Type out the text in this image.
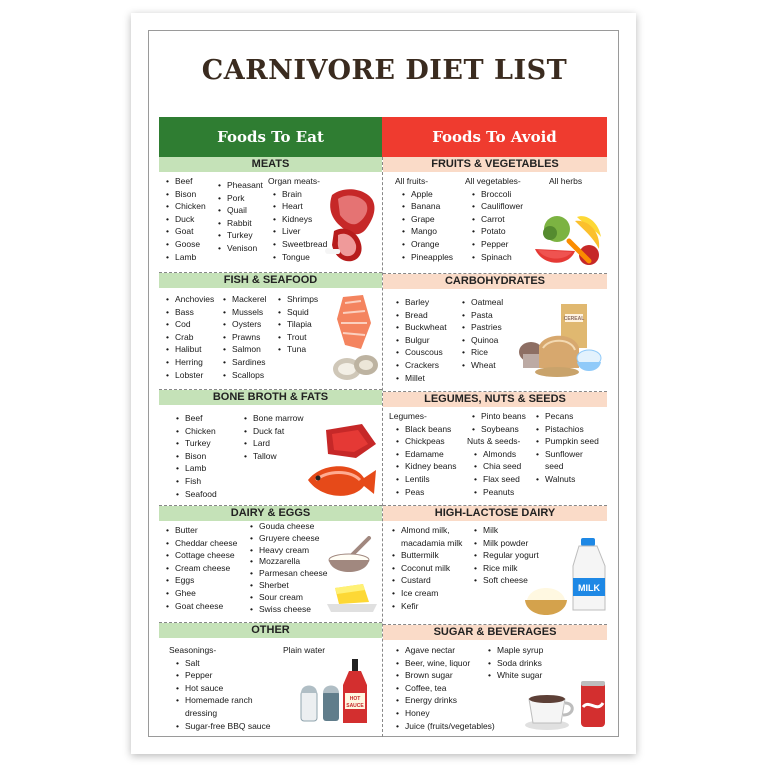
CARNIVORE DIET LIST
Foods To Eat	Foods To Avoid
MEATS
• Beef
• Bison
• Chicken
• Duck
• Goat
• Goose
• Lamb
• Pheasant
• Pork
• Quail
• Rabbit
• Turkey
• Venison
Organ meats-
• Brain
• Heart
• Kidneys
• Liver
• Sweetbread
• Tongue
FISH & SEAFOOD
• Anchovies
• Bass
• Cod
• Crab
• Halibut
• Herring
• Lobster
• Mackerel
• Mussels
• Oysters
• Prawns
• Salmon
• Sardines
• Scallops
• Shrimps
• Squid
• Tilapia
• Trout
• Tuna
BONE BROTH & FATS
• Beef
• Chicken
• Turkey
• Bison
• Lamb
• Fish
• Seafood
• Bone marrow
• Duck fat
• Lard
• Tallow
DAIRY & EGGS
• Butter
• Cheddar cheese
• Cottage cheese
• Cream cheese
• Eggs
• Ghee
• Goat cheese
• Gouda cheese
• Gruyere cheese
• Heavy cream
• Mozzarella
• Parmesan cheese
• Sherbet
• Sour cream
• Swiss cheese
OTHER
Seasonings-
• Salt
• Pepper
• Hot sauce
• Homemade ranch dressing
• Sugar-free BBQ sauce
Plain water
HOT
SAUCE
FRUITS & VEGETABLES
All fruits-
• Apple
• Banana
• Grape
• Mango
• Orange
• Pineapples
All vegetables-
• Broccoli
• Cauliflower
• Carrot
• Potato
• Pepper
• Spinach
All herbs
CARBOHYDRATES
• Barley
• Bread
• Buckwheat
• Bulgur
• Couscous
• Crackers
• Millet
• Oatmeal
• Pasta
• Pastries
• Quinoa
• Rice
• Wheat
CEREAL
LEGUMES, NUTS & SEEDS
Legumes-
• Black beans
• Chickpeas
• Edamame
• Kidney beans
• Lentils
• Peas
• Pinto beans
• Soybeans
Nuts & seeds-
• Almonds
• Chia seed
• Flax seed
• Peanuts
• Pecans
• Pistachios
• Pumpkin seed
• Sunflower seed
• Walnuts
HIGH-LACTOSE DAIRY
• Almond milk, macadamia milk
• Buttermilk
• Coconut milk
• Custard
• Ice cream
• Kefir
• Milk
• Milk powder
• Regular yogurt
• Rice milk
• Soft cheese
MILK
SUGAR & BEVERAGES
• Agave nectar
• Beer, wine, liquor
• Brown sugar
• Coffee, tea
• Energy drinks
• Honey
• Juice (fruits/vegetables)
• Maple syrup
• Soda drinks
• White sugar
